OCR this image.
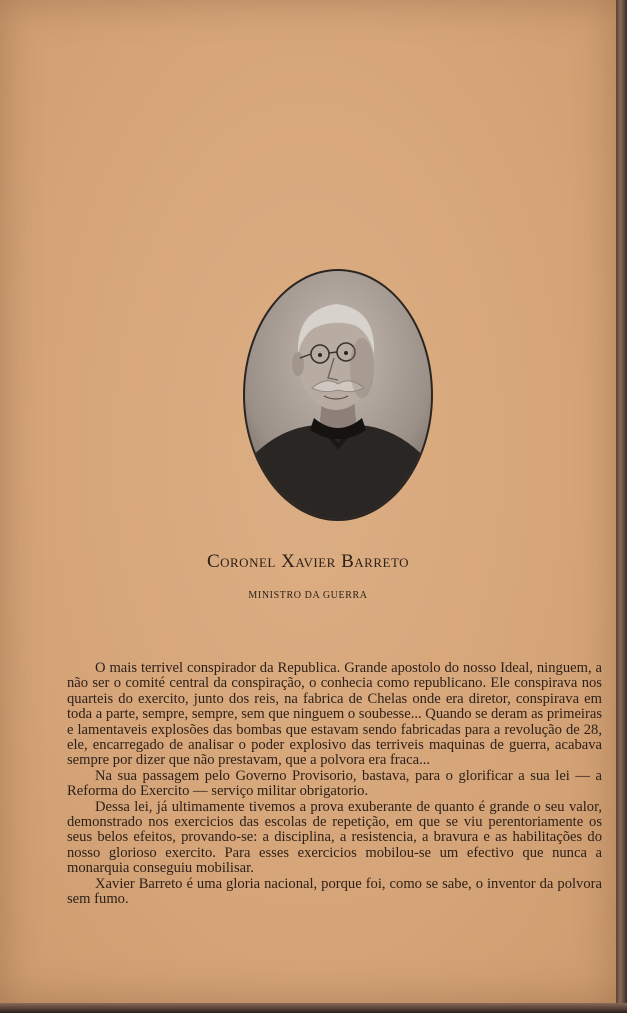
Coronel Xavier Barreto
MINISTRO DA GUERRA

O mais terrivel conspirador da Republica. Grande apostolo do nosso Ideal, ninguem, a não ser o comité central da conspiração, o conhecia como republicano. Ele conspirava nos quarteis do exercito, junto dos reis, na fabrica de Chelas onde era diretor, conspirava em toda a parte, sempre, sempre, sem que ninguem o soubesse... Quando se deram as primeiras e lamentaveis explosões das bombas que estavam sendo fabricadas para a revolução de 28, ele, encarregado de analisar o poder explosivo das terriveis maquinas de guerra, acabava sempre por dizer que não prestavam, que a polvora era fraca...

Na sua passagem pelo Governo Provisorio, bastava, para o glorificar a sua lei — a Reforma do Exercito — serviço militar obrigatorio.

Dessa lei, já ultimamente tivemos a prova exuberante de quanto é grande o seu valor, demonstrado nos exercicios das escolas de repetição, em que se viu perentoriamente os seus belos efeitos, provando-se: a disciplina, a resistencia, a bravura e as habilitações do nosso glorioso exercito. Para esses exercicios mobilou-se um efectivo que nunca a monarquia conseguiu mobilisar.

Xavier Barreto é uma gloria nacional, porque foi, como se sabe, o inventor da polvora sem fumo.
